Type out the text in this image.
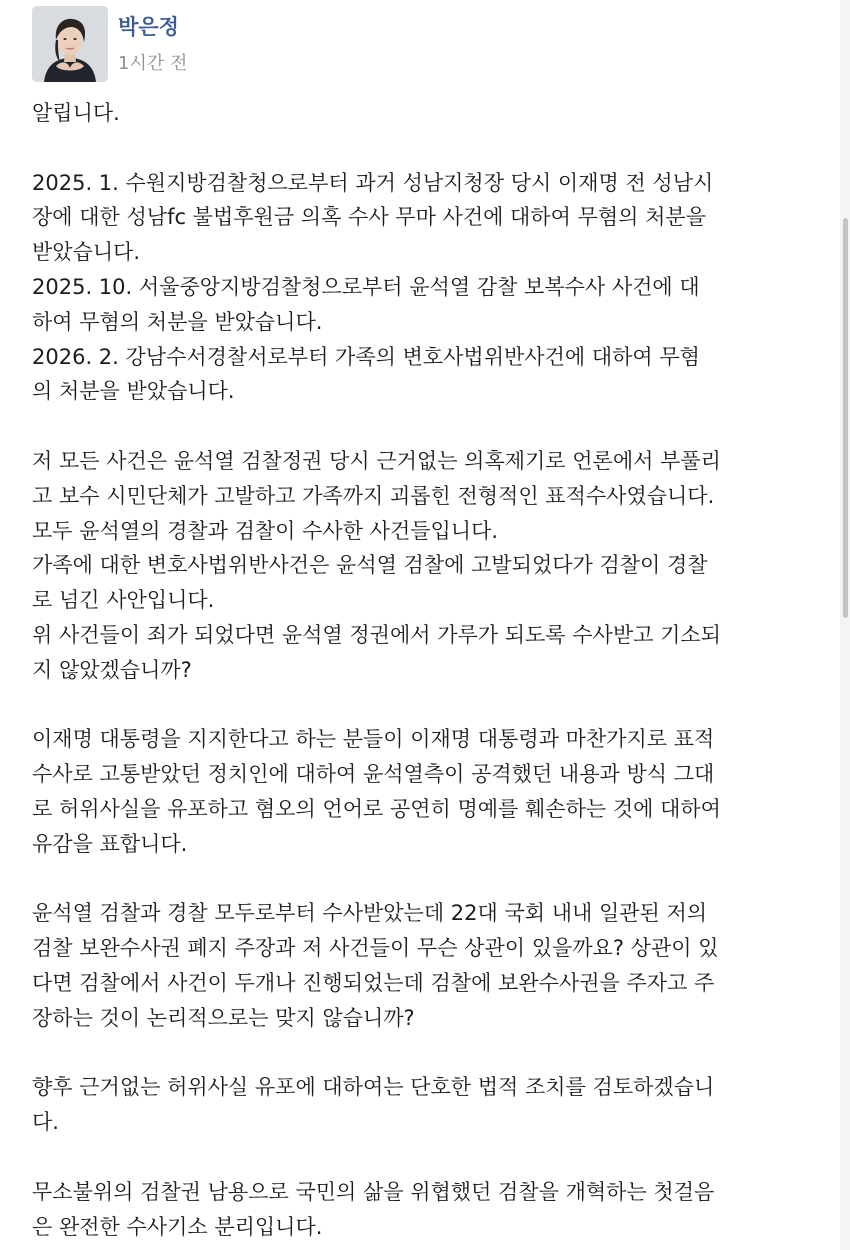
박은정
1시간 전
알립니다.
2025. 1. 수원지방검찰청으로부터 과거 성남지청장 당시 이재명 전 성남시
장에 대한 성남fc 불법후원금 의혹 수사 무마 사건에 대하여 무혐의 처분을
받았습니다.
2025. 10. 서울중앙지방검찰청으로부터 윤석열 감찰 보복수사 사건에 대
하여 무혐의 처분을 받았습니다.
2026. 2. 강남수서경찰서로부터 가족의 변호사법위반사건에 대하여 무혐
의 처분을 받았습니다.
저 모든 사건은 윤석열 검찰정권 당시 근거없는 의혹제기로 언론에서 부풀리
고 보수 시민단체가 고발하고 가족까지 괴롭힌 전형적인 표적수사였습니다.
모두 윤석열의 경찰과 검찰이 수사한 사건들입니다.
가족에 대한 변호사법위반사건은 윤석열 검찰에 고발되었다가 검찰이 경찰
로 넘긴 사안입니다.
위 사건들이 죄가 되었다면 윤석열 정권에서 가루가 되도록 수사받고 기소되
지 않았겠습니까?
이재명 대통령을 지지한다고 하는 분들이 이재명 대통령과 마찬가지로 표적
수사로 고통받았던 정치인에 대하여 윤석열측이 공격했던 내용과 방식 그대
로 허위사실을 유포하고 혐오의 언어로 공연히 명예를 훼손하는 것에 대하여
유감을 표합니다.
윤석열 검찰과 경찰 모두로부터 수사받았는데 22대 국회 내내 일관된 저의
검찰 보완수사권 폐지 주장과 저 사건들이 무슨 상관이 있을까요? 상관이 있
다면 검찰에서 사건이 두개나 진행되었는데 검찰에 보완수사권을 주자고 주
장하는 것이 논리적으로는 맞지 않습니까?
향후 근거없는 허위사실 유포에 대하여는 단호한 법적 조치를 검토하겠습니
다.
무소불위의 검찰권 남용으로 국민의 삶을 위협했던 검찰을 개혁하는 첫걸음
은 완전한 수사기소 분리입니다.
